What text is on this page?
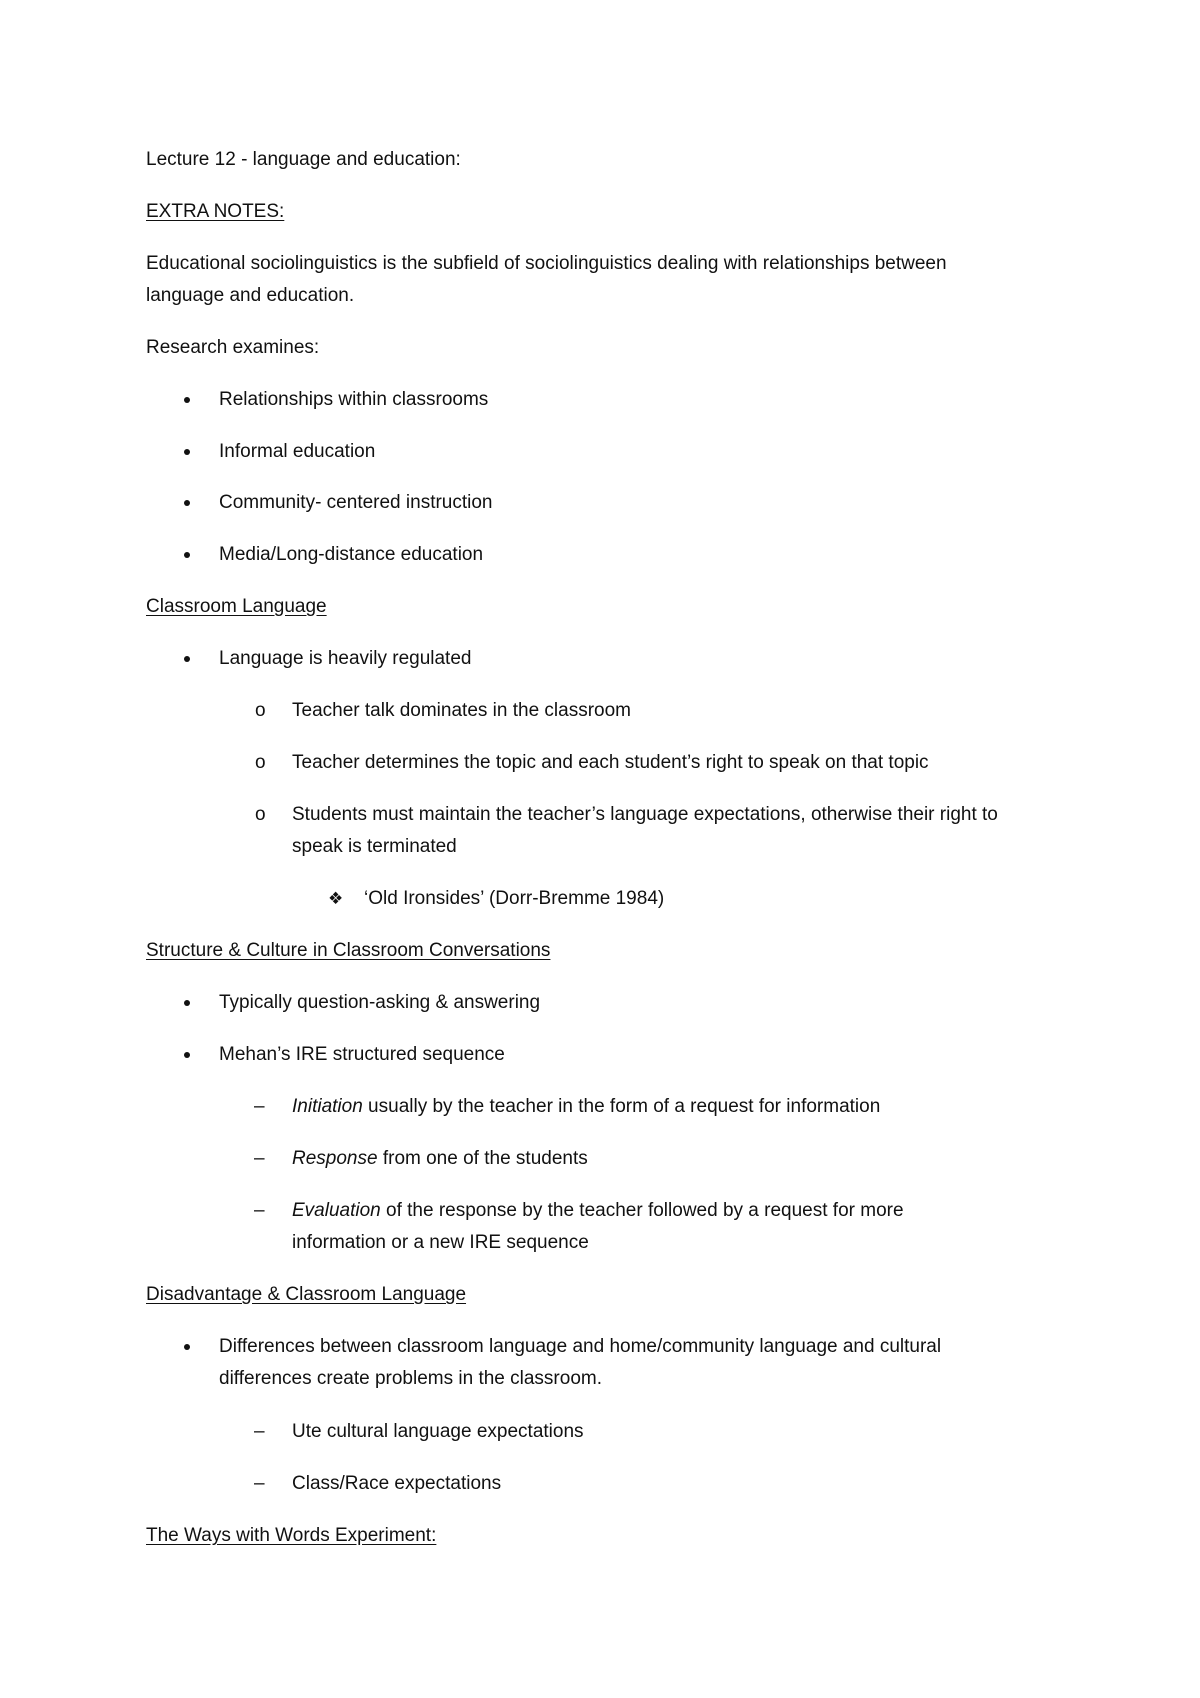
Lecture 12 - language and education:
EXTRA NOTES:
Educational sociolinguistics is the subfield of sociolinguistics dealing with relationships between
language and education.
Research examines:
Relationships within classrooms
Informal education
Community- centered instruction
Media/Long-distance education
Classroom Language
Language is heavily regulated
o Teacher talk dominates in the classroom
o Teacher determines the topic and each student’s right to speak on that topic
o Students must maintain the teacher’s language expectations, otherwise their right to
speak is terminated
❖ ‘Old Ironsides’ (Dorr-Bremme 1984)
Structure & Culture in Classroom Conversations
Typically question-asking & answering
Mehan’s IRE structured sequence
– Initiation usually by the teacher in the form of a request for information
– Response from one of the students
– Evaluation of the response by the teacher followed by a request for more
information or a new IRE sequence
Disadvantage & Classroom Language
Differences between classroom language and home/community language and cultural
differences create problems in the classroom.
– Ute cultural language expectations
– Class/Race expectations
The Ways with Words Experiment:
